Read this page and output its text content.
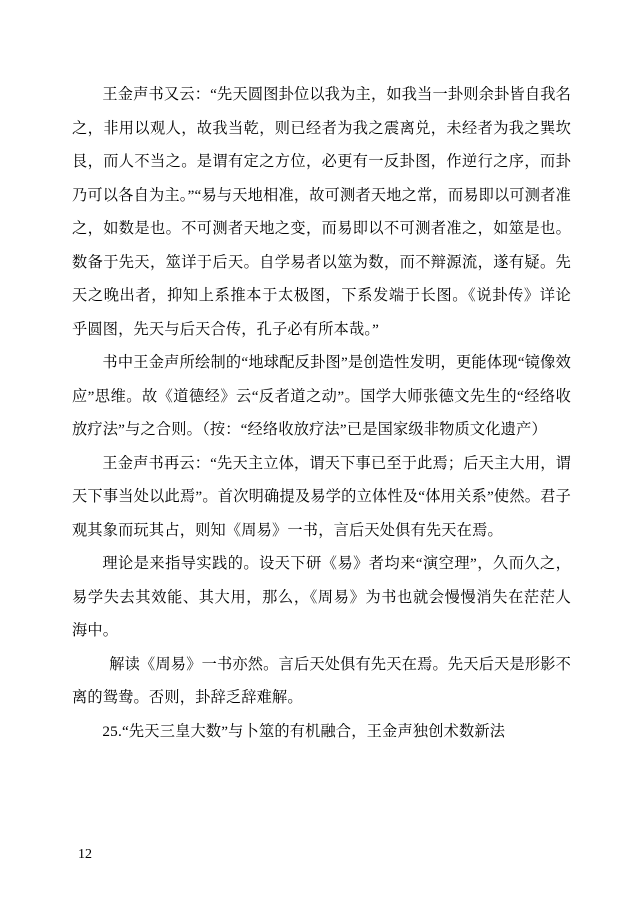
王金声书又云：“先天圆图卦位以我为主，如我当一卦则余卦皆自我名之，非用以观人，故我当乾，则已经者为我之震离兑，未经者为我之巽坎艮，而人不当之。是谓有定之方位，必更有一反卦图，作逆行之序，而卦乃可以各自为主。”“易与天地相准，故可测者天地之常，而易即以可测者准之，如数是也。不可测者天地之变，而易即以不可测者准之，如筮是也。数备于先天，筮详于后天。自学易者以筮为数，而不辩源流，遂有疑。先天之晚出者，抑知上系推本于太极图，下系发端于长图。《说卦传》详论乎圆图，先天与后天合传，孔子必有所本哉。”

书中王金声所绘制的“地球配反卦图”是创造性发明，更能体现“镜像效应”思维。故《道德经》云“反者道之动”。国学大师张德文先生的“经络收放疗法”与之合则。（按：“经络收放疗法”已是国家级非物质文化遗产）

王金声书再云：“先天主立体，谓天下事已至于此焉；后天主大用，谓天下事当处以此焉”。首次明确提及易学的立体性及“体用关系”使然。君子观其象而玩其占，则知《周易》一书，言后天处俱有先天在焉。

理论是来指导实践的。设天下研《易》者均来“演空理”，久而久之，易学失去其效能、其大用，那么，《周易》为书也就会慢慢消失在茫茫人海中。

解读《周易》一书亦然。言后天处俱有先天在焉。先天后天是形影不离的鸳鸯。否则，卦辞乏辞难解。

25.“先天三皇大数”与卜筮的有机融合，王金声独创术数新法

12
